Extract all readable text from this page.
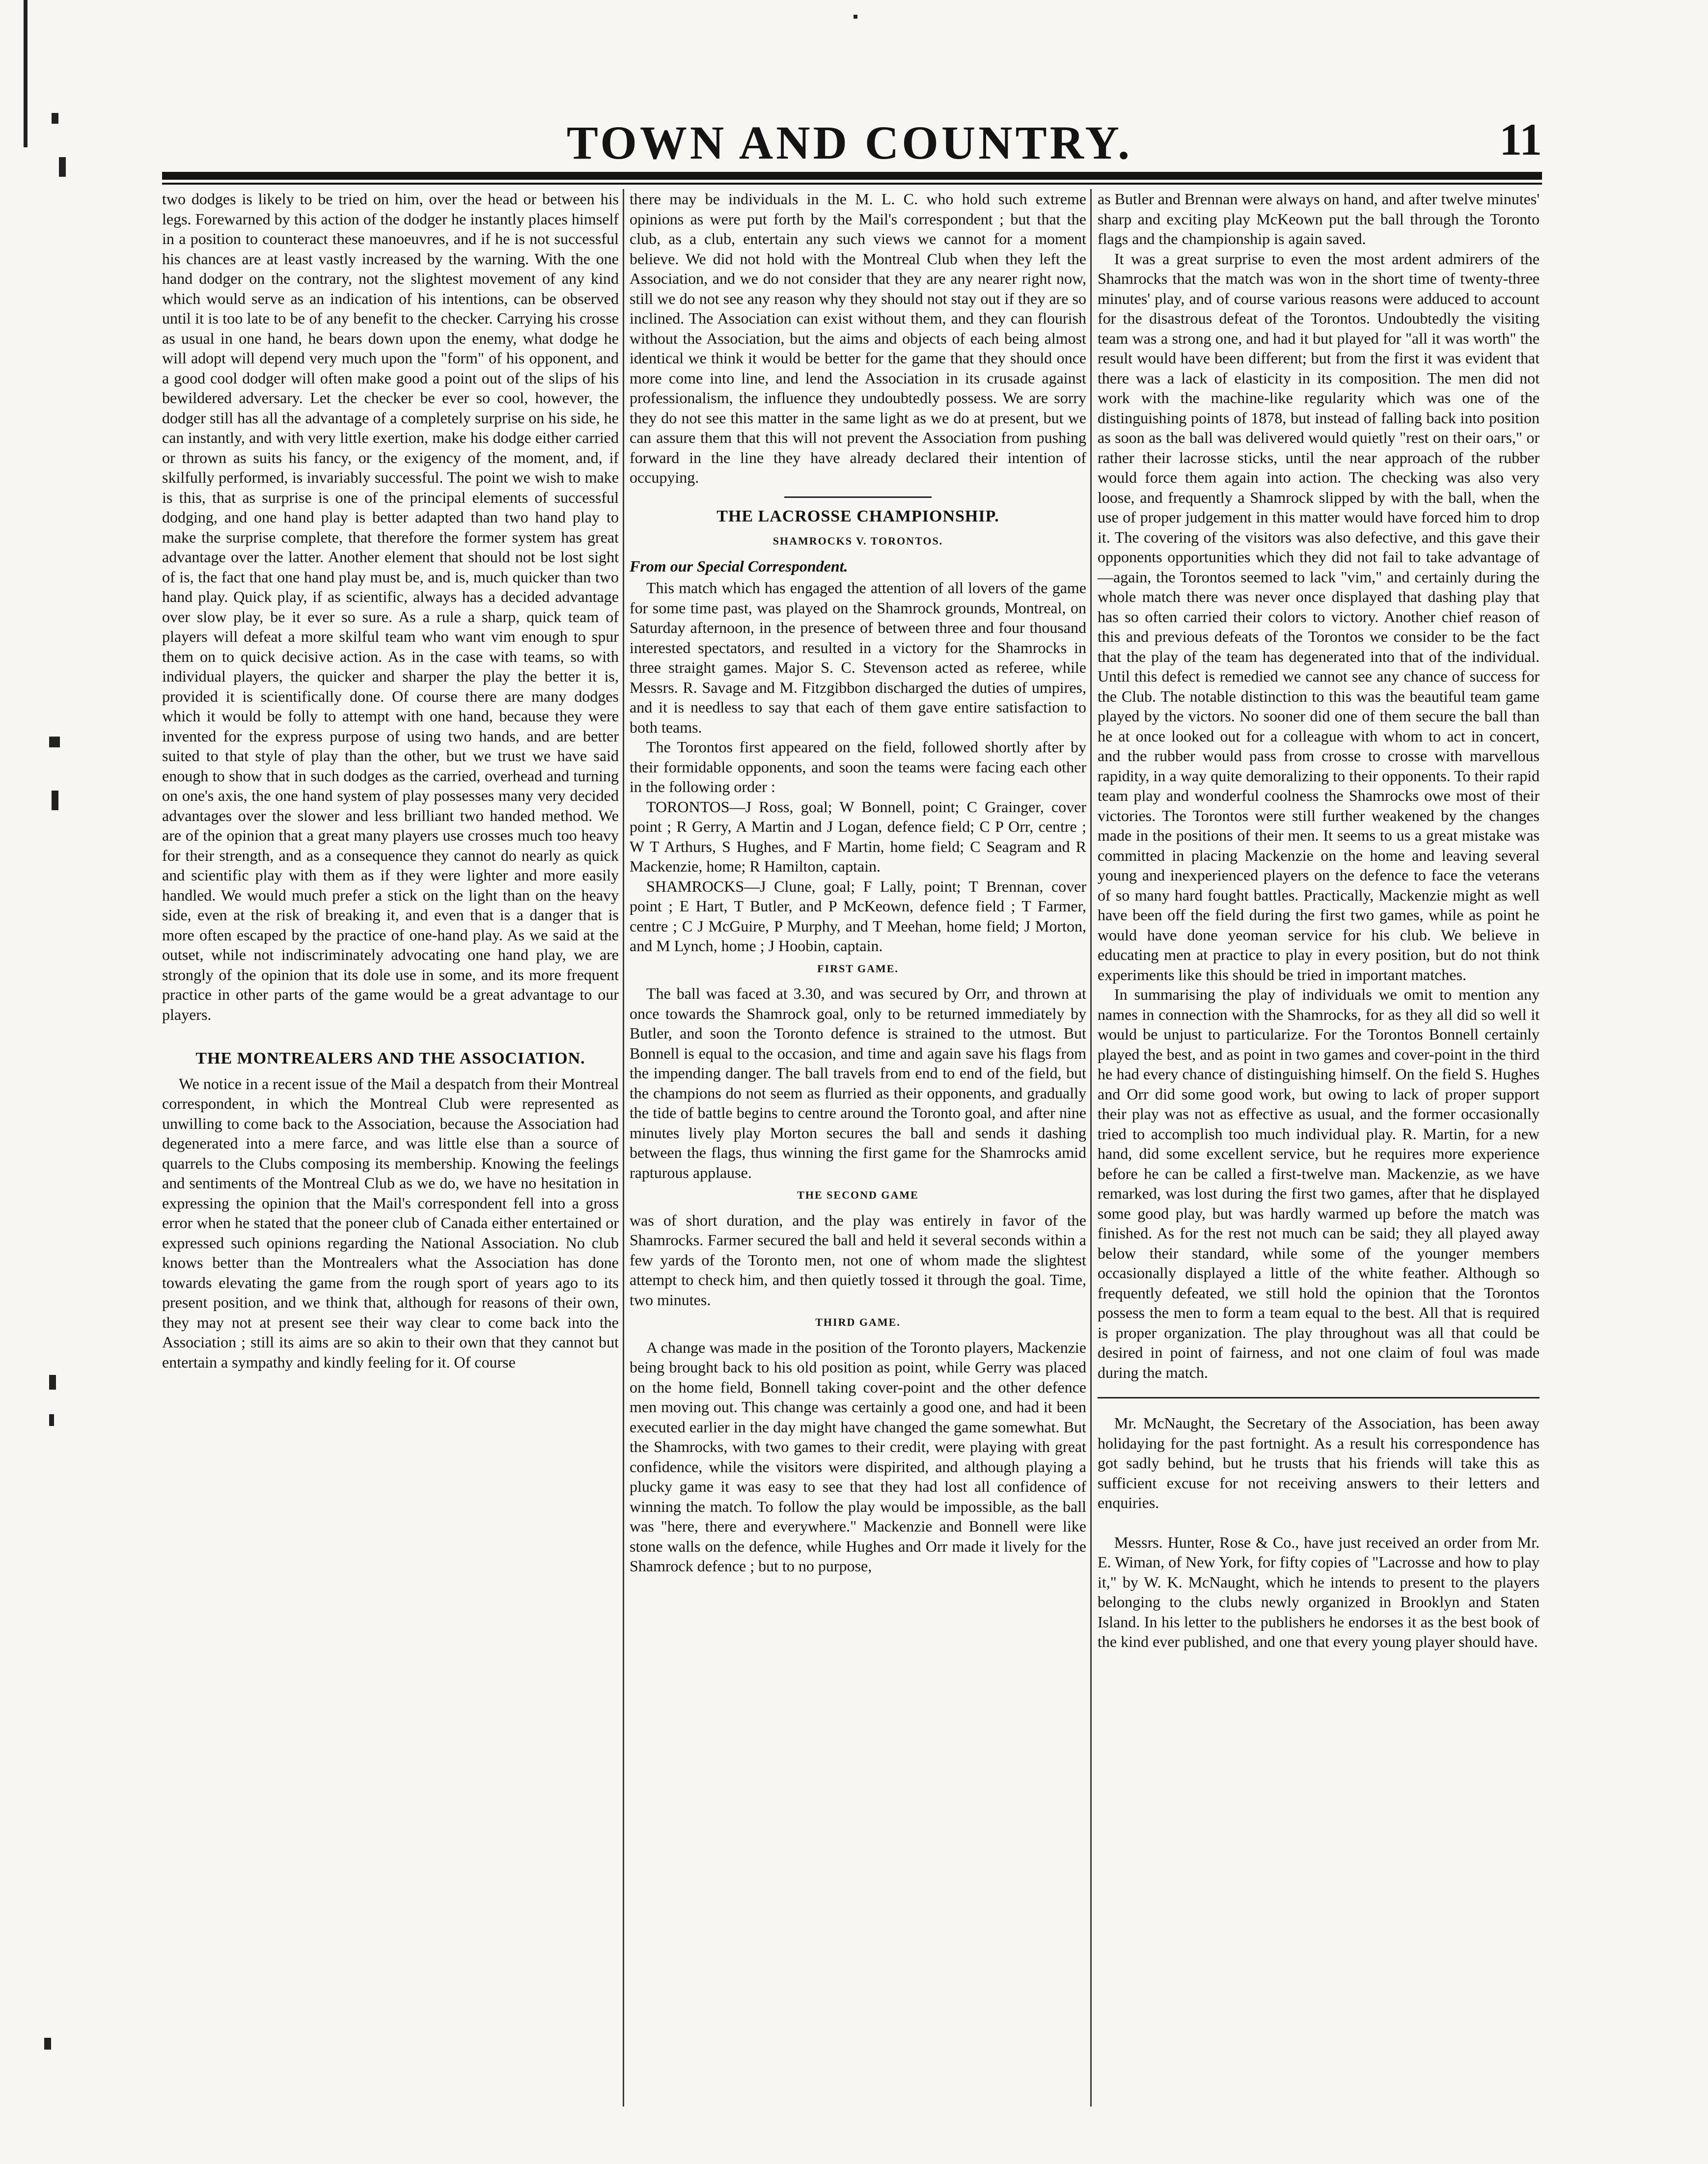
TOWN AND COUNTRY.	11

two dodges is likely to be tried on him, over the head or between his legs. Forewarned by this action of the dodger he instantly places himself in a position to counteract these manoeuvres, and if he is not successful his chances are at least vastly increased by the warning. With the one hand dodger on the contrary, not the slightest movement of any kind which would serve as an indication of his intentions, can be observed until it is too late to be of any benefit to the checker. Carrying his crosse as usual in one hand, he bears down upon the enemy, what dodge he will adopt will depend very much upon the "form" of his opponent, and a good cool dodger will often make good a point out of the slips of his bewildered adversary. Let the checker be ever so cool, however, the dodger still has all the advantage of a completely surprise on his side, he can instantly, and with very little exertion, make his dodge either carried or thrown as suits his fancy, or the exigency of the moment, and, if skilfully performed, is invariably successful. The point we wish to make is this, that as surprise is one of the principal elements of successful dodging, and one hand play is better adapted than two hand play to make the surprise complete, that therefore the former system has great advantage over the latter. Another element that should not be lost sight of is, the fact that one hand play must be, and is, much quicker than two hand play. Quick play, if as scientific, always has a decided advantage over slow play, be it ever so sure. As a rule a sharp, quick team of players will defeat a more skilful team who want vim enough to spur them on to quick decisive action. As in the case with teams, so with individual players, the quicker and sharper the play the better it is, provided it is scientifically done. Of course there are many dodges which it would be folly to attempt with one hand, because they were invented for the express purpose of using two hands, and are better suited to that style of play than the other, but we trust we have said enough to show that in such dodges as the carried, overhead and turning on one's axis, the one hand system of play possesses many very decided advantages over the slower and less brilliant two handed method. We are of the opinion that a great many players use crosses much too heavy for their strength, and as a consequence they cannot do nearly as quick and scientific play with them as if they were lighter and more easily handled. We would much prefer a stick on the light than on the heavy side, even at the risk of breaking it, and even that is a danger that is more often escaped by the practice of one-hand play. As we said at the outset, while not indiscriminately advocating one hand play, we are strongly of the opinion that its dole use in some, and its more frequent practice in other parts of the game would be a great advantage to our players.

THE MONTREALERS AND THE ASSOCIATION.

We notice in a recent issue of the Mail a despatch from their Montreal correspondent, in which the Montreal Club were represented as unwilling to come back to the Association, because the Association had degenerated into a mere farce, and was little else than a source of quarrels to the Clubs composing its membership. Knowing the feelings and sentiments of the Montreal Club as we do, we have no hesitation in expressing the opinion that the Mail's correspondent fell into a gross error when he stated that the poneer club of Canada either entertained or expressed such opinions regarding the National Association. No club knows better than the Montrealers what the Association has done towards elevating the game from the rough sport of years ago to its present position, and we think that, although for reasons of their own, they may not at present see their way clear to come back into the Association ; still its aims are so akin to their own that they cannot but entertain a sympathy and kindly feeling for it. Of course

there may be individuals in the M. L. C. who hold such extreme opinions as were put forth by the Mail's correspondent ; but that the club, as a club, entertain any such views we cannot for a moment believe. We did not hold with the Montreal Club when they left the Association, and we do not consider that they are any nearer right now, still we do not see any reason why they should not stay out if they are so inclined. The Association can exist without them, and they can flourish without the Association, but the aims and objects of each being almost identical we think it would be better for the game that they should once more come into line, and lend the Association in its crusade against professionalism, the influence they undoubtedly possess. We are sorry they do not see this matter in the same light as we do at present, but we can assure them that this will not prevent the Association from pushing forward in the line they have already declared their intention of occupying.

THE LACROSSE CHAMPIONSHIP.
SHAMROCKS V. TORONTOS.
From our Special Correspondent.

This match which has engaged the attention of all lovers of the game for some time past, was played on the Shamrock grounds, Montreal, on Saturday afternoon, in the presence of between three and four thousand interested spectators, and resulted in a victory for the Shamrocks in three straight games. Major S. C. Stevenson acted as referee, while Messrs. R. Savage and M. Fitzgibbon discharged the duties of umpires, and it is needless to say that each of them gave entire satisfaction to both teams.

The Torontos first appeared on the field, followed shortly after by their formidable opponents, and soon the teams were facing each other in the following order :

TORONTOS—J Ross, goal; W Bonnell, point; C Grainger, cover point ; R Gerry, A Martin and J Logan, defence field; C P Orr, centre ; W T Arthurs, S Hughes, and F Martin, home field; C Seagram and R Mackenzie, home; R Hamilton, captain.

SHAMROCKS—J Clune, goal; F Lally, point; T Brennan, cover point ; E Hart, T Butler, and P McKeown, defence field ; T Farmer, centre ; C J McGuire, P Murphy, and T Meehan, home field; J Morton, and M Lynch, home ; J Hoobin, captain.

FIRST GAME.

The ball was faced at 3.30, and was secured by Orr, and thrown at once towards the Shamrock goal, only to be returned immediately by Butler, and soon the Toronto defence is strained to the utmost. But Bonnell is equal to the occasion, and time and again save his flags from the impending danger. The ball travels from end to end of the field, but the champions do not seem as flurried as their opponents, and gradually the tide of battle begins to centre around the Toronto goal, and after nine minutes lively play Morton secures the ball and sends it dashing between the flags, thus winning the first game for the Shamrocks amid rapturous applause.

THE SECOND GAME

was of short duration, and the play was entirely in favor of the Shamrocks. Farmer secured the ball and held it several seconds within a few yards of the Toronto men, not one of whom made the slightest attempt to check him, and then quietly tossed it through the goal. Time, two minutes.

THIRD GAME.

A change was made in the position of the Toronto players, Mackenzie being brought back to his old position as point, while Gerry was placed on the home field, Bonnell taking cover-point and the other defence men moving out. This change was certainly a good one, and had it been executed earlier in the day might have changed the game somewhat. But the Shamrocks, with two games to their credit, were playing with great confidence, while the visitors were dispirited, and although playing a plucky game it was easy to see that they had lost all confidence of winning the match. To follow the play would be impossible, as the ball was "here, there and everywhere." Mackenzie and Bonnell were like stone walls on the defence, while Hughes and Orr made it lively for the Shamrock defence ; but to no purpose,

as Butler and Brennan were always on hand, and after twelve minutes' sharp and exciting play McKeown put the ball through the Toronto flags and the championship is again saved.

It was a great surprise to even the most ardent admirers of the Shamrocks that the match was won in the short time of twenty-three minutes' play, and of course various reasons were adduced to account for the disastrous defeat of the Torontos. Undoubtedly the visiting team was a strong one, and had it but played for "all it was worth" the result would have been different; but from the first it was evident that there was a lack of elasticity in its composition. The men did not work with the machine-like regularity which was one of the distinguishing points of 1878, but instead of falling back into position as soon as the ball was delivered would quietly "rest on their oars," or rather their lacrosse sticks, until the near approach of the rubber would force them again into action. The checking was also very loose, and frequently a Shamrock slipped by with the ball, when the use of proper judgement in this matter would have forced him to drop it. The covering of the visitors was also defective, and this gave their opponents opportunities which they did not fail to take advantage of—again, the Torontos seemed to lack "vim," and certainly during the whole match there was never once displayed that dashing play that has so often carried their colors to victory. Another chief reason of this and previous defeats of the Torontos we consider to be the fact that the play of the team has degenerated into that of the individual. Until this defect is remedied we cannot see any chance of success for the Club. The notable distinction to this was the beautiful team game played by the victors. No sooner did one of them secure the ball than he at once looked out for a colleague with whom to act in concert, and the rubber would pass from crosse to crosse with marvellous rapidity, in a way quite demoralizing to their opponents. To their rapid team play and wonderful coolness the Shamrocks owe most of their victories. The Torontos were still further weakened by the changes made in the positions of their men. It seems to us a great mistake was committed in placing Mackenzie on the home and leaving several young and inexperienced players on the defence to face the veterans of so many hard fought battles. Practically, Mackenzie might as well have been off the field during the first two games, while as point he would have done yeoman service for his club. We believe in educating men at practice to play in every position, but do not think experiments like this should be tried in important matches.

In summarising the play of individuals we omit to mention any names in connection with the Shamrocks, for as they all did so well it would be unjust to particularize. For the Torontos Bonnell certainly played the best, and as point in two games and cover-point in the third he had every chance of distinguishing himself. On the field S. Hughes and Orr did some good work, but owing to lack of proper support their play was not as effective as usual, and the former occasionally tried to accomplish too much individual play. R. Martin, for a new hand, did some excellent service, but he requires more experience before he can be called a first-twelve man. Mackenzie, as we have remarked, was lost during the first two games, after that he displayed some good play, but was hardly warmed up before the match was finished. As for the rest not much can be said; they all played away below their standard, while some of the younger members occasionally displayed a little of the white feather. Although so frequently defeated, we still hold the opinion that the Torontos possess the men to form a team equal to the best. All that is required is proper organization. The play throughout was all that could be desired in point of fairness, and not one claim of foul was made during the match.

Mr. McNaught, the Secretary of the Association, has been away holidaying for the past fortnight. As a result his correspondence has got sadly behind, but he trusts that his friends will take this as sufficient excuse for not receiving answers to their letters and enquiries.

Messrs. Hunter, Rose & Co., have just received an order from Mr. E. Wiman, of New York, for fifty copies of "Lacrosse and how to play it," by W. K. McNaught, which he intends to present to the players belonging to the clubs newly organized in Brooklyn and Staten Island. In his letter to the publishers he endorses it as the best book of the kind ever published, and one that every young player should have.
